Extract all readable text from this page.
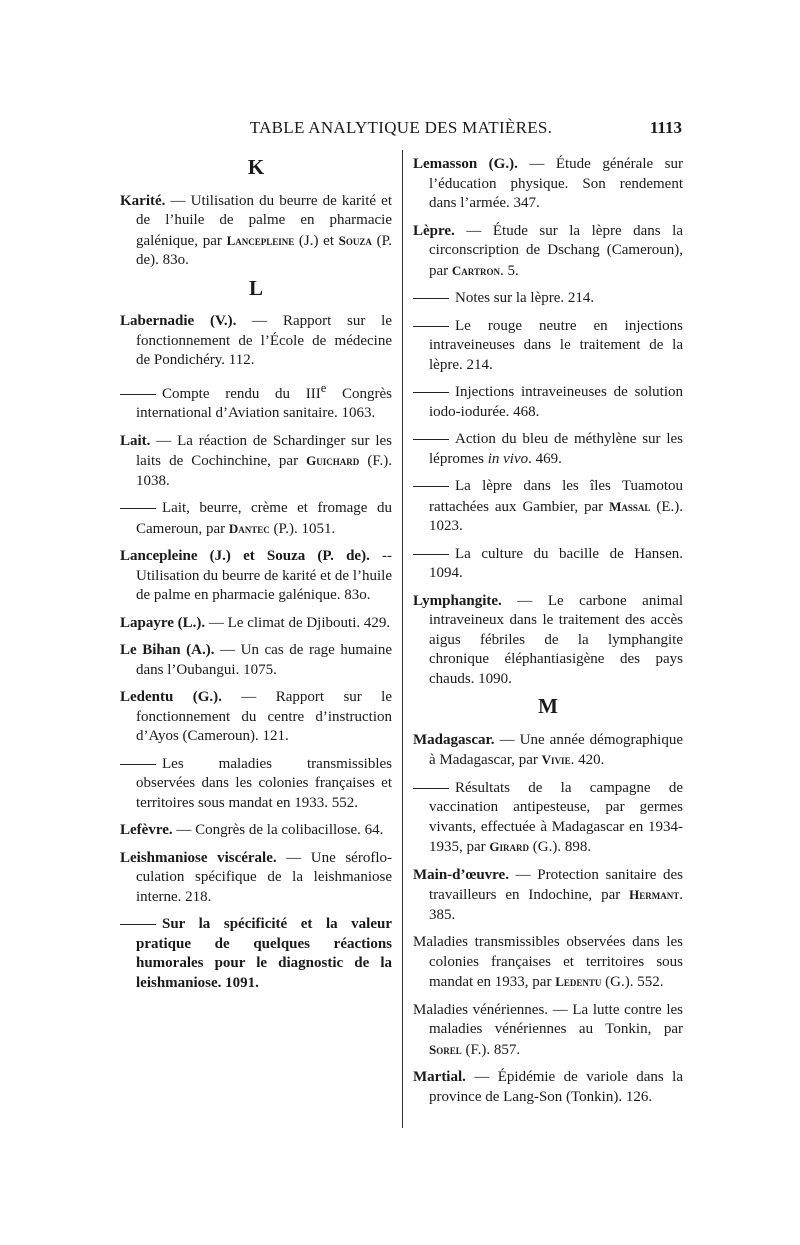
TABLE ANALYTIQUE DES MATIÈRES.	1113
K

Karité. — Utilisation du beurre de karité et de l’huile de palme en pharmacie galénique, par Lancepleine (J.) et Souza (P. de). 83o.

L

Labernadie (V.). — Rapport sur le fonctionnement de l’École de médecine de Pondichéry. 112.

Compte rendu du IIIe Congrès international d’Aviation sanitaire. 1063.

Lait. — La réaction de Schardinger sur les laits de Cochinchine, par Guichard (F.). 1038.

Lait, beurre, crème et fromage du Cameroun, par Dantec (P.). 1051.

Lancepleine (J.) et Souza (P. de). -- Utilisation du beurre de karité et de l’huile de palme en pharmacie galénique. 83o.

Lapayre (L.). — Le climat de Djibouti. 429.

Le Bihan (A.). — Un cas de rage humaine dans l’Oubangui. 1075.

Ledentu (G.). — Rapport sur le fonctionnement du centre d’instruction d’Ayos (Cameroun). 121.

Les maladies transmissibles observées dans les colonies françaises et territoires sous mandat en 1933. 552.

Lefèvre. — Congrès de la colibacillose. 64.

Leishmaniose viscérale. — Une séroflo-culation spécifique de la leishmaniose interne. 218.

Sur la spécificité et la valeur pratique de quelques réactions humorales pour le diagnostic de la leishmaniose. 1091.

Lemasson (G.). — Étude générale sur l’éducation physique. Son rendement dans l’armée. 347.

Lèpre. — Étude sur la lèpre dans la circonscription de Dschang (Cameroun), par Cartron. 5.

Notes sur la lèpre. 214.

Le rouge neutre en injections intraveineuses dans le traitement de la lèpre. 214.

Injections intraveineuses de solution iodo-iodurée. 468.

Action du bleu de méthylène sur les lépromes in vivo. 469.

La lèpre dans les îles Tuamotou rattachées aux Gambier, par Massal (E.). 1023.

La culture du bacille de Hansen. 1094.

Lymphangite. — Le carbone animal intraveineux dans le traitement des accès aigus fébriles de la lymphangite chronique éléphantiasigène des pays chauds. 1090.

M

Madagascar. — Une année démographique à Madagascar, par Vivie. 420.

Résultats de la campagne de vaccination antipesteuse, par germes vivants, effectuée à Madagascar en 1934-1935, par Girard (G.). 898.

Main-d’œuvre. — Protection sanitaire des travailleurs en Indochine, par Hermant. 385.

Maladies transmissibles observées dans les colonies françaises et territoires sous mandat en 1933, par Ledentu (G.). 552.

Maladies vénériennes. — La lutte contre les maladies vénériennes au Tonkin, par Sorel (F.). 857.

Martial. — Épidémie de variole dans la province de Lang-Son (Tonkin). 126.
